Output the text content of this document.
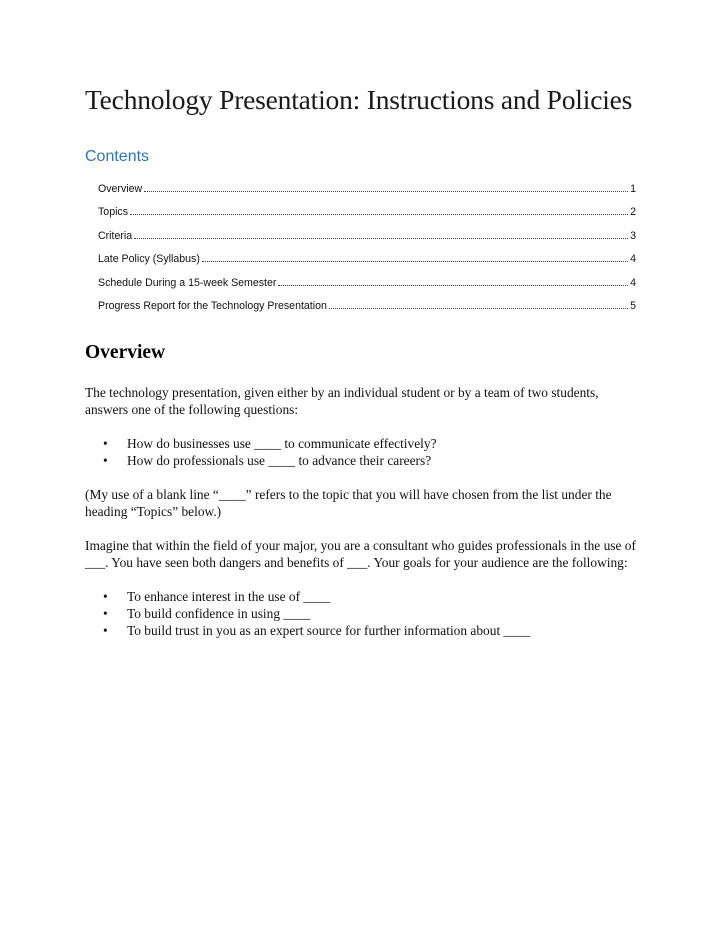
Technology Presentation: Instructions and Policies
Contents
Overview	1
Topics	2
Criteria	3
Late Policy (Syllabus)	4
Schedule During a 15-week Semester	4
Progress Report for the Technology Presentation	5
Overview

The technology presentation, given either by an individual student or by a team of two students, answers one of the following questions:

• How do businesses use ____ to communicate effectively?
• How do professionals use ____ to advance their careers?

(My use of a blank line “____” refers to the topic that you will have chosen from the list under the heading “Topics” below.)

Imagine that within the field of your major, you are a consultant who guides professionals in the use of ___. You have seen both dangers and benefits of ___. Your goals for your audience are the following:

• To enhance interest in the use of ____
• To build confidence in using ____
• To build trust in you as an expert source for further information about ____
